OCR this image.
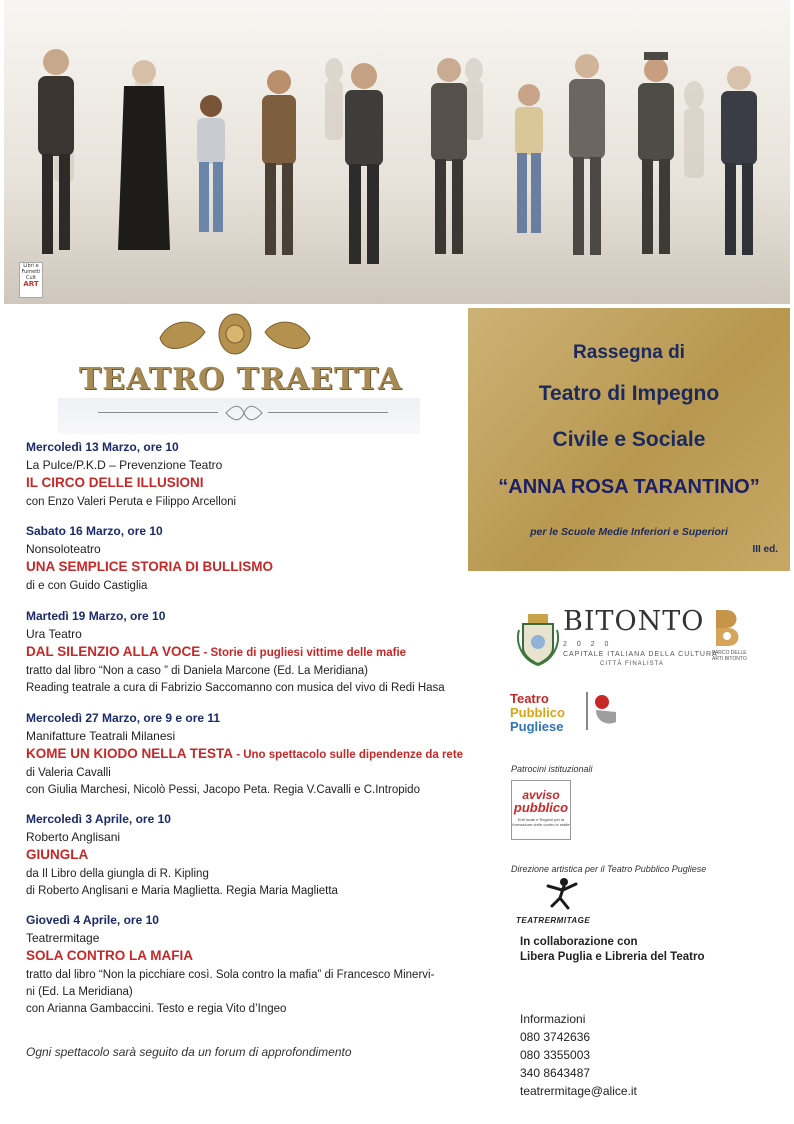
Libri e
Fumetti
Cult
ART
TEATRO TRAETTA
Rassegna di
Teatro di Impegno
Civile e Sociale
“ANNA ROSA TARANTINO”
per le Scuole Medie Inferiori e Superiori
III ed.
Mercoledì 13 Marzo, ore 10
La Pulce/P.K.D – Prevenzione Teatro
IL CIRCO DELLE ILLUSIONI
con Enzo Valeri Peruta e Filippo Arcelloni
Sabato 16 Marzo, ore 10
Nonsoloteatro
UNA SEMPLICE STORIA DI BULLISMO
di e con Guido Castiglia
Martedì 19 Marzo, ore 10
Ura Teatro
DAL SILENZIO ALLA VOCE - Storie di pugliesi vittime delle mafie
tratto dal libro “Non a caso ” di Daniela Marcone (Ed. La Meridiana)
Reading teatrale a cura di Fabrizio Saccomanno con musica del vivo di Redi Hasa
Mercoledì 27 Marzo, ore 9 e ore 11
Manifatture Teatrali Milanesi
KOME UN KIODO NELLA TESTA - Uno spettacolo sulle dipendenze da rete
di Valeria Cavalli
con Giulia Marchesi, Nicolò Pessi, Jacopo Peta. Regia V.Cavalli e C.Intropido
Mercoledì 3 Aprile, ore 10
Roberto Anglisani
GIUNGLA
da Il Libro della giungla di R. Kipling
di Roberto Anglisani e Maria Maglietta. Regia Maria Maglietta
Giovedì 4 Aprile, ore 10
Teatrermitage
SOLA CONTRO LA MAFIA
tratto dal libro “Non la picchiare così. Sola contro la mafia” di Francesco Minervi-
ni (Ed. La Meridiana)
con Arianna Gambaccini. Testo e regia Vito d’Ingeo
Ogni spettacolo sarà seguito da un forum di approfondimento
BITONTO
2 0 2 0
CAPITALE ITALIANA DELLA CULTURA
CITTÀ FINALISTA
PARCO DELLE ARTI BITONTO
Teatro
Pubblico
Pugliese
Patrocini istituzionali
avviso
pubblico
Enti locali e Regioni per la formazione civile contro le mafie
Direzione artistica per il Teatro Pubblico Pugliese
TEATRERMITAGE
In collaborazione con
Libera Puglia e Libreria del Teatro
Informazioni
080 3742636
080 3355003
340 8643487
teatrermitage@alice.it
